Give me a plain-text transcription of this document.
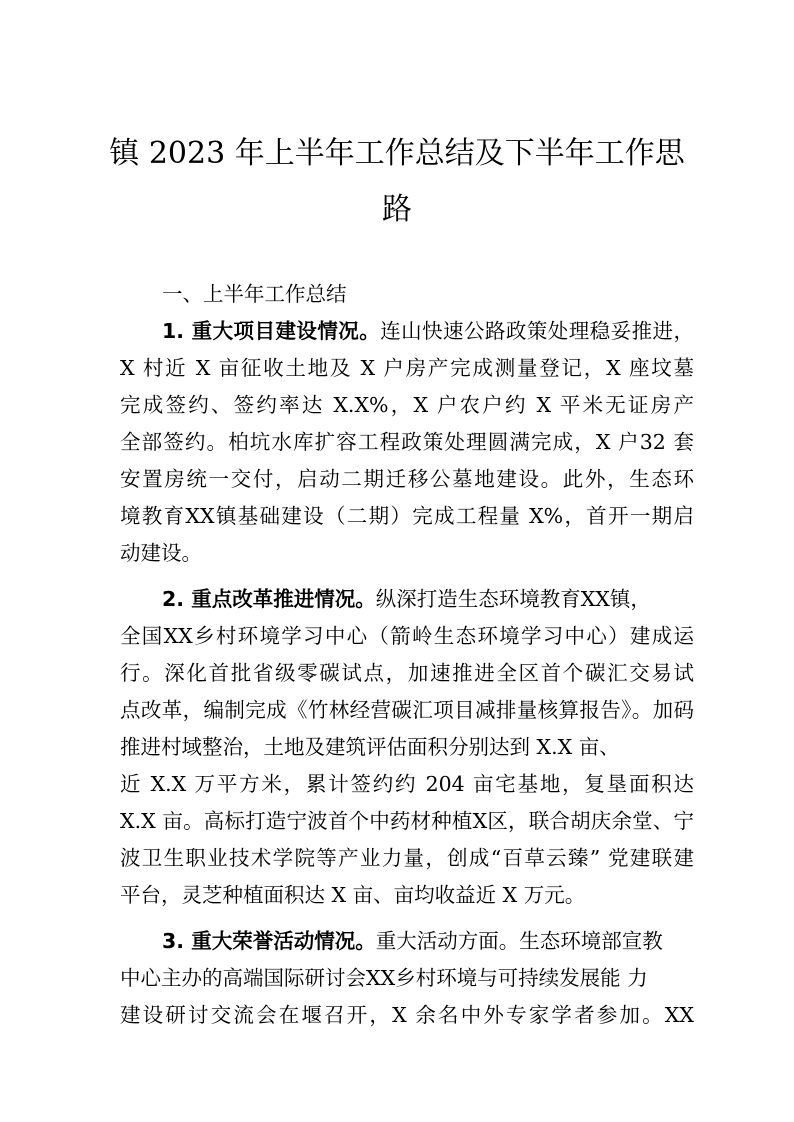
镇 2023 年上半年工作总结及下半年工作思
路
一、上半年工作总结
1. 重大项目建设情况。连山快速公路政策处理稳妥推进，
X 村近 X 亩征收土地及 X 户房产完成测量登记，X 座坟墓
完成签约、签约率达 X.X%，X 户农户约 X 平米无证房产
全部签约。柏坑水库扩容工程政策处理圆满完成，X 户32 套
安置房统一交付，启动二期迁移公墓地建设。此外，生态环
境教育XX镇基础建设（二期）完成工程量 X%，首开一期启
动建设。
2. 重点改革推进情况。纵深打造生态环境教育XX镇，
全国XX乡村环境学习中心（箭岭生态环境学习中心）建成运
行。深化首批省级零碳试点，加速推进全区首个碳汇交易试
点改革，编制完成《竹林经营碳汇项目减排量核算报告》。加码
推进村域整治，土地及建筑评估面积分别达到 X.X 亩、
近 X.X 万平方米，累计签约约 204 亩宅基地，复垦面积达
X.X 亩。高标打造宁波首个中药材种植X区，联合胡庆余堂、宁
波卫生职业技术学院等产业力量，创成“百草云臻” 党建联建
平台，灵芝种植面积达 X 亩、亩均收益近 X 万元。
3. 重大荣誉活动情况。重大活动方面。生态环境部宣教
中心主办的高端国际研讨会XX乡村环境与可持续发展能 力
建设研讨交流会在堰召开，X 余名中外专家学者参加。XX
